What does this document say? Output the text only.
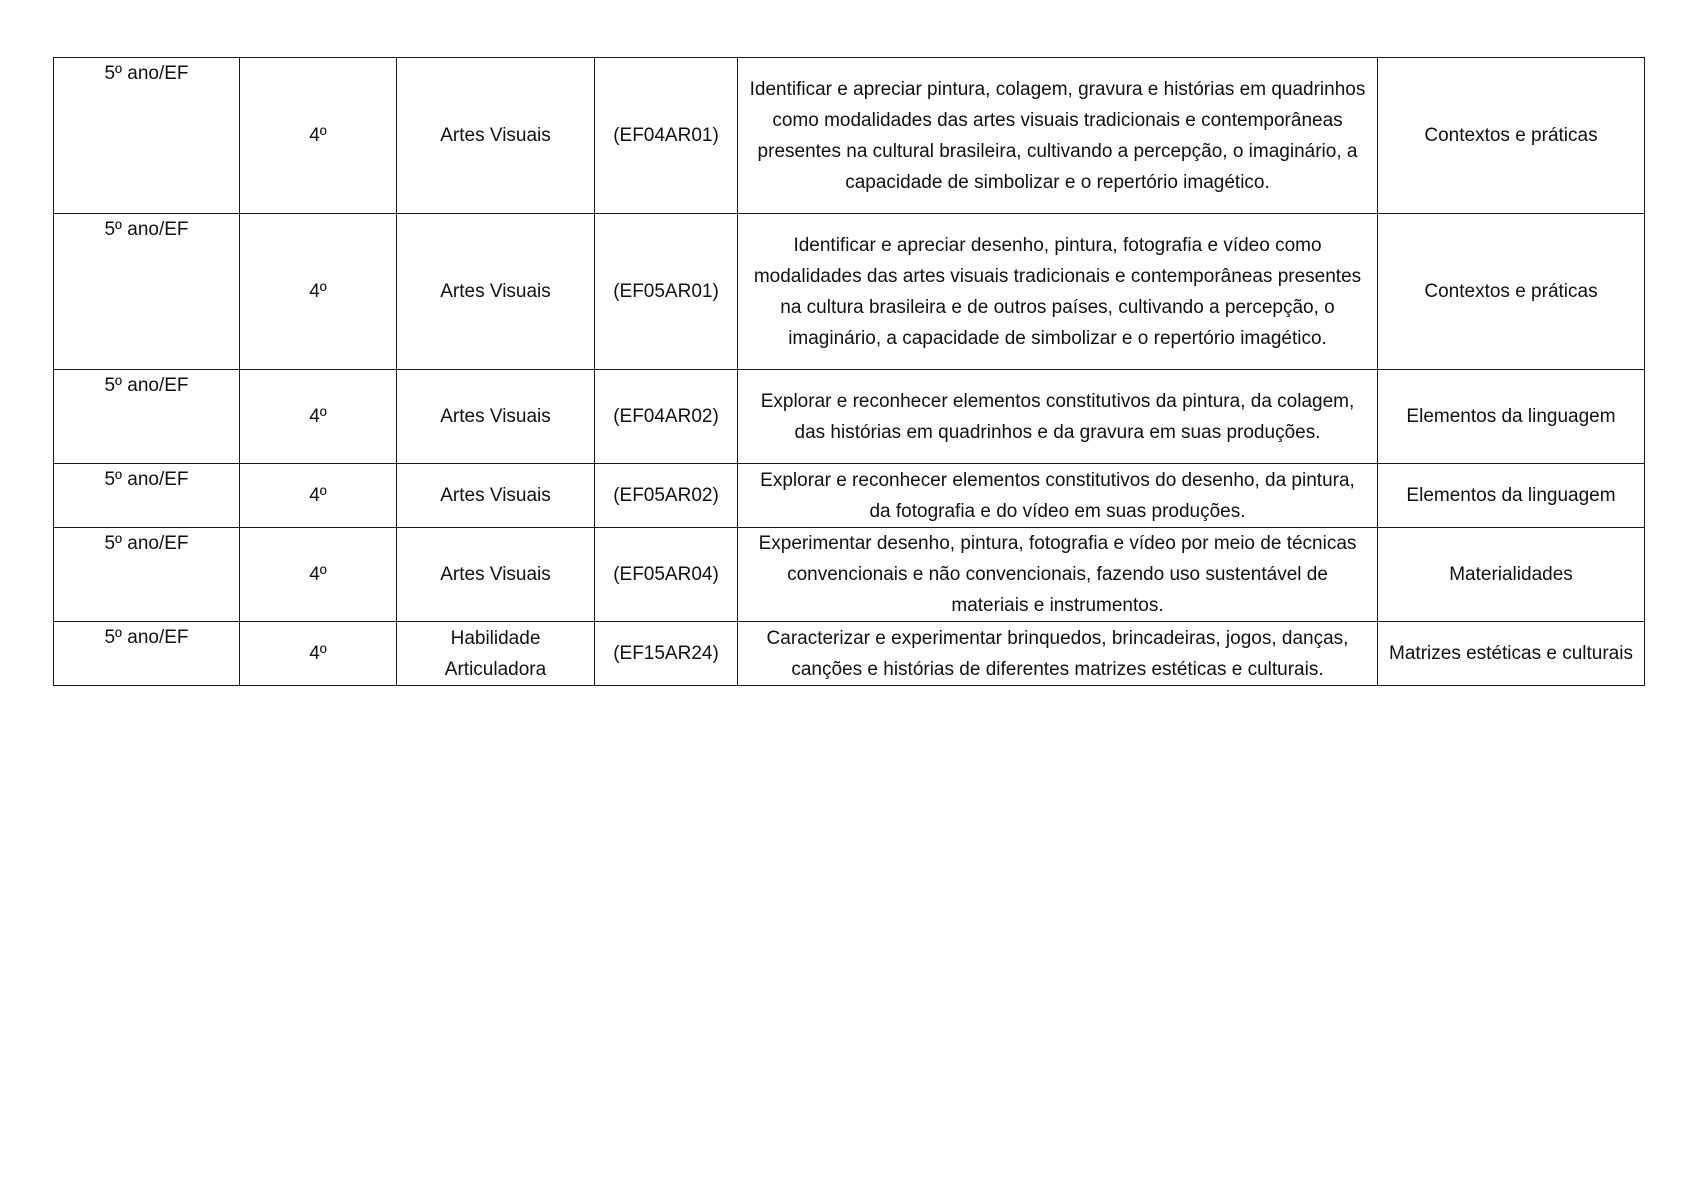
5º ano/EF	4º	Artes Visuais	(EF04AR01)	Identificar e apreciar pintura, colagem, gravura e histórias em quadrinhos como modalidades das artes visuais tradicionais e contemporâneas presentes na cultural brasileira, cultivando a percepção, o imaginário, a capacidade de simbolizar e o repertório imagético.	Contextos e práticas
5º ano/EF	4º	Artes Visuais	(EF05AR01)	Identificar e apreciar desenho, pintura, fotografia e vídeo como modalidades das artes visuais tradicionais e contemporâneas presentes na cultura brasileira e de outros países, cultivando a percepção, o imaginário, a capacidade de simbolizar e o repertório imagético.	Contextos e práticas
5º ano/EF	4º	Artes Visuais	(EF04AR02)	Explorar e reconhecer elementos constitutivos da pintura, da colagem, das histórias em quadrinhos e da gravura em suas produções.	Elementos da linguagem
5º ano/EF	4º	Artes Visuais	(EF05AR02)	Explorar e reconhecer elementos constitutivos do desenho, da pintura, da fotografia e do vídeo em suas produções.	Elementos da linguagem
5º ano/EF	4º	Artes Visuais	(EF05AR04)	Experimentar desenho, pintura, fotografia e vídeo por meio de técnicas convencionais e não convencionais, fazendo uso sustentável de materiais e instrumentos.	Materialidades
5º ano/EF	4º	Habilidade Articuladora	(EF15AR24)	Caracterizar e experimentar brinquedos, brincadeiras, jogos, danças, canções e histórias de diferentes matrizes estéticas e culturais.	Matrizes estéticas e culturais
